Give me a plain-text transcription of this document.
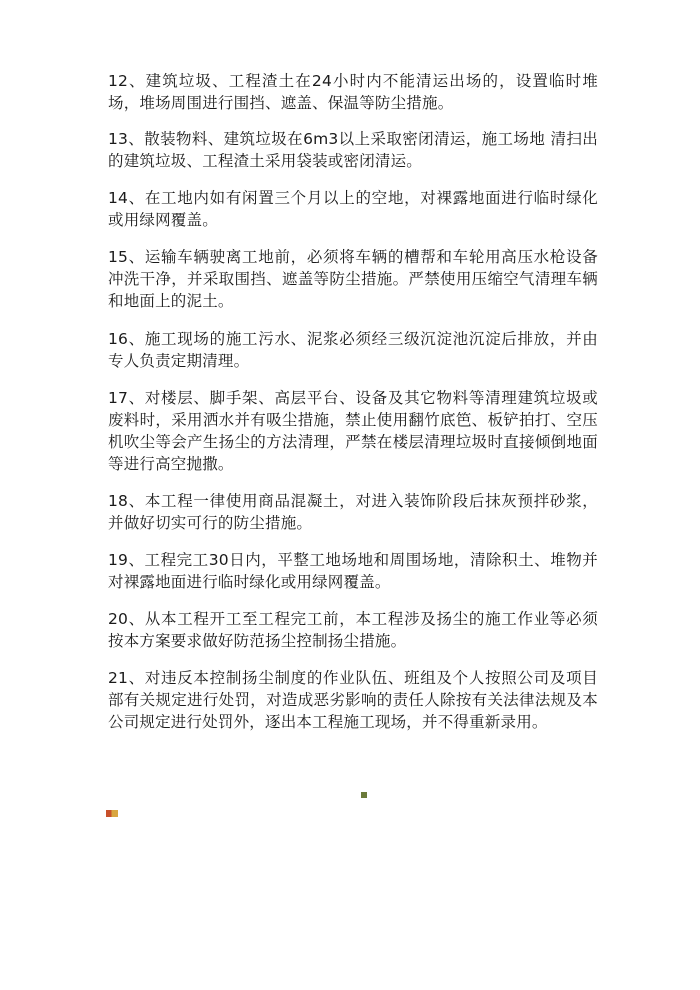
12、建筑垃圾、工程渣土在24小时内不能清运出场的，设置临时堆场，堆场周围进行围挡、遮盖、保温等防尘措施。

13、散装物料、建筑垃圾在6m3以上采取密闭清运，施工场地 清扫出的建筑垃圾、工程渣土采用袋装或密闭清运。

14、在工地内如有闲置三个月以上的空地，对裸露地面进行临时绿化或用绿网覆盖。

15、运输车辆驶离工地前，必须将车辆的槽帮和车轮用高压水枪设备冲洗干净，并采取围挡、遮盖等防尘措施。严禁使用压缩空气清理车辆和地面上的泥土。

16、施工现场的施工污水、泥浆必须经三级沉淀池沉淀后排放，并由专人负责定期清理。

17、对楼层、脚手架、高层平台、设备及其它物料等清理建筑垃圾或废料时，采用洒水并有吸尘措施，禁止使用翻竹底笆、板铲拍打、空压机吹尘等会产生扬尘的方法清理，严禁在楼层清理垃圾时直接倾倒地面等进行高空抛撒。

18、本工程一律使用商品混凝土，对进入装饰阶段后抹灰预拌砂浆，并做好切实可行的防尘措施。

19、工程完工30日内，平整工地场地和周围场地，清除积土、堆物并对裸露地面进行临时绿化或用绿网覆盖。

20、从本工程开工至工程完工前，本工程涉及扬尘的施工作业等必须按本方案要求做好防范扬尘控制扬尘措施。

21、对违反本控制扬尘制度的作业队伍、班组及个人按照公司及项目部有关规定进行处罚，对造成恶劣影响的责任人除按有关法律法规及本公司规定进行处罚外，逐出本工程施工现场，并不得重新录用。
